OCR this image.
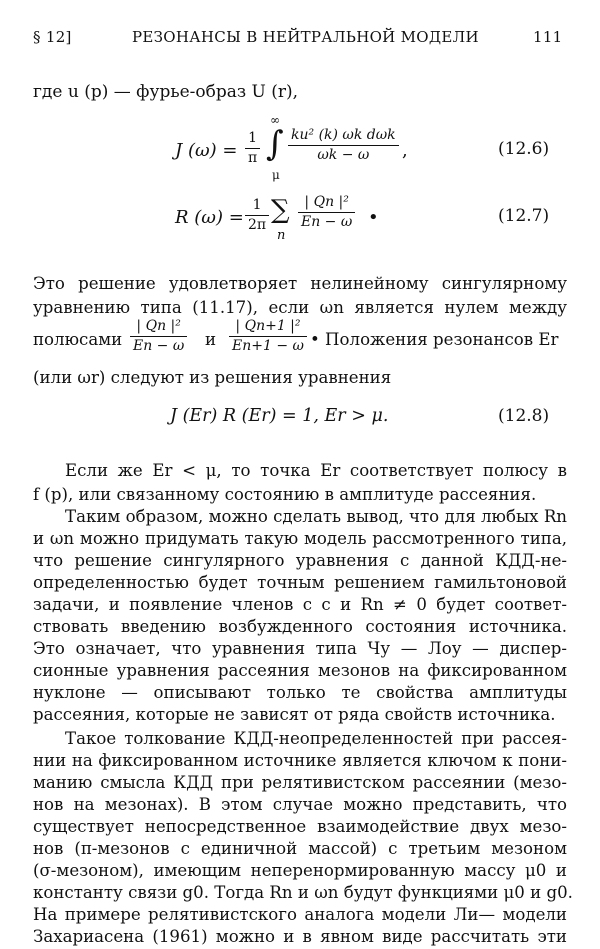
§ 12]	РЕЗОНАНСЫ В НЕЙТРАЛЬНОЙ МОДЕЛИ	111
где u (p) — фурье-образ U (r),
J $(\omega) = \frac{1}{\pi}$
∞
∫
μ
ku² (k) ωk dωk
ωk − ω	,	(12.6)
R $(\omega) = \frac{1}{2\pi}$ ∑
n
$\frac{\text{| Qn |²}}{En - \omega}$ •	(12.7)
Это решение удовлетворяет нелинейному сингулярному
уравнению типа (11.17), если ωn является нулем между
полюсами $\frac{\text{| Qn |²}}{En - \omega}$ и $\frac{\text{| Qn+1 |²}}{En+1 - \omega}$ • Положения резонансов Er
(или ωr) следуют из решения уравнения
J (Er) R (Er) = 1, Er > μ.	(12.8)
Если же Er < μ, то точка Er соответствует полюсу в
f (p), или связанному состоянию в амплитуде рассеяния.
Таким образом, можно сделать вывод, что для любых Rn
и ωn можно придумать такую модель рассмотренного типа,
что решение сингулярного уравнения с данной КДД-не-
определенностью будет точным решением гамильтоновой
задачи, и появление членов с c и Rn ≠ 0 будет соответ-
ствовать введению возбужденного состояния источника.
Это означает, что уравнения типа Чу — Лоу — диспер-
сионные уравнения рассеяния мезонов на фиксированном
нуклоне — описывают только те свойства амплитуды
рассеяния, которые не зависят от ряда свойств источника.
Такое толкование КДД-неопределенностей при рассея-
нии на фиксированном источнике является ключом к пони-
манию смысла КДД при релятивистском рассеянии (мезо-
нов на мезонах). В этом случае можно представить, что
существует непосредственное взаимодействие двух мезо-
нов (π-мезонов с единичной массой) с третьим мезоном
(σ-мезоном), имеющим неперенормированную массу μ0 и
константу связи g0. Тогда Rn и ωn будут функциями μ0 и g0.
На примере релятивистского аналога модели Ли— модели
Захариасена (1961) можно и в явном виде рассчитать эти
